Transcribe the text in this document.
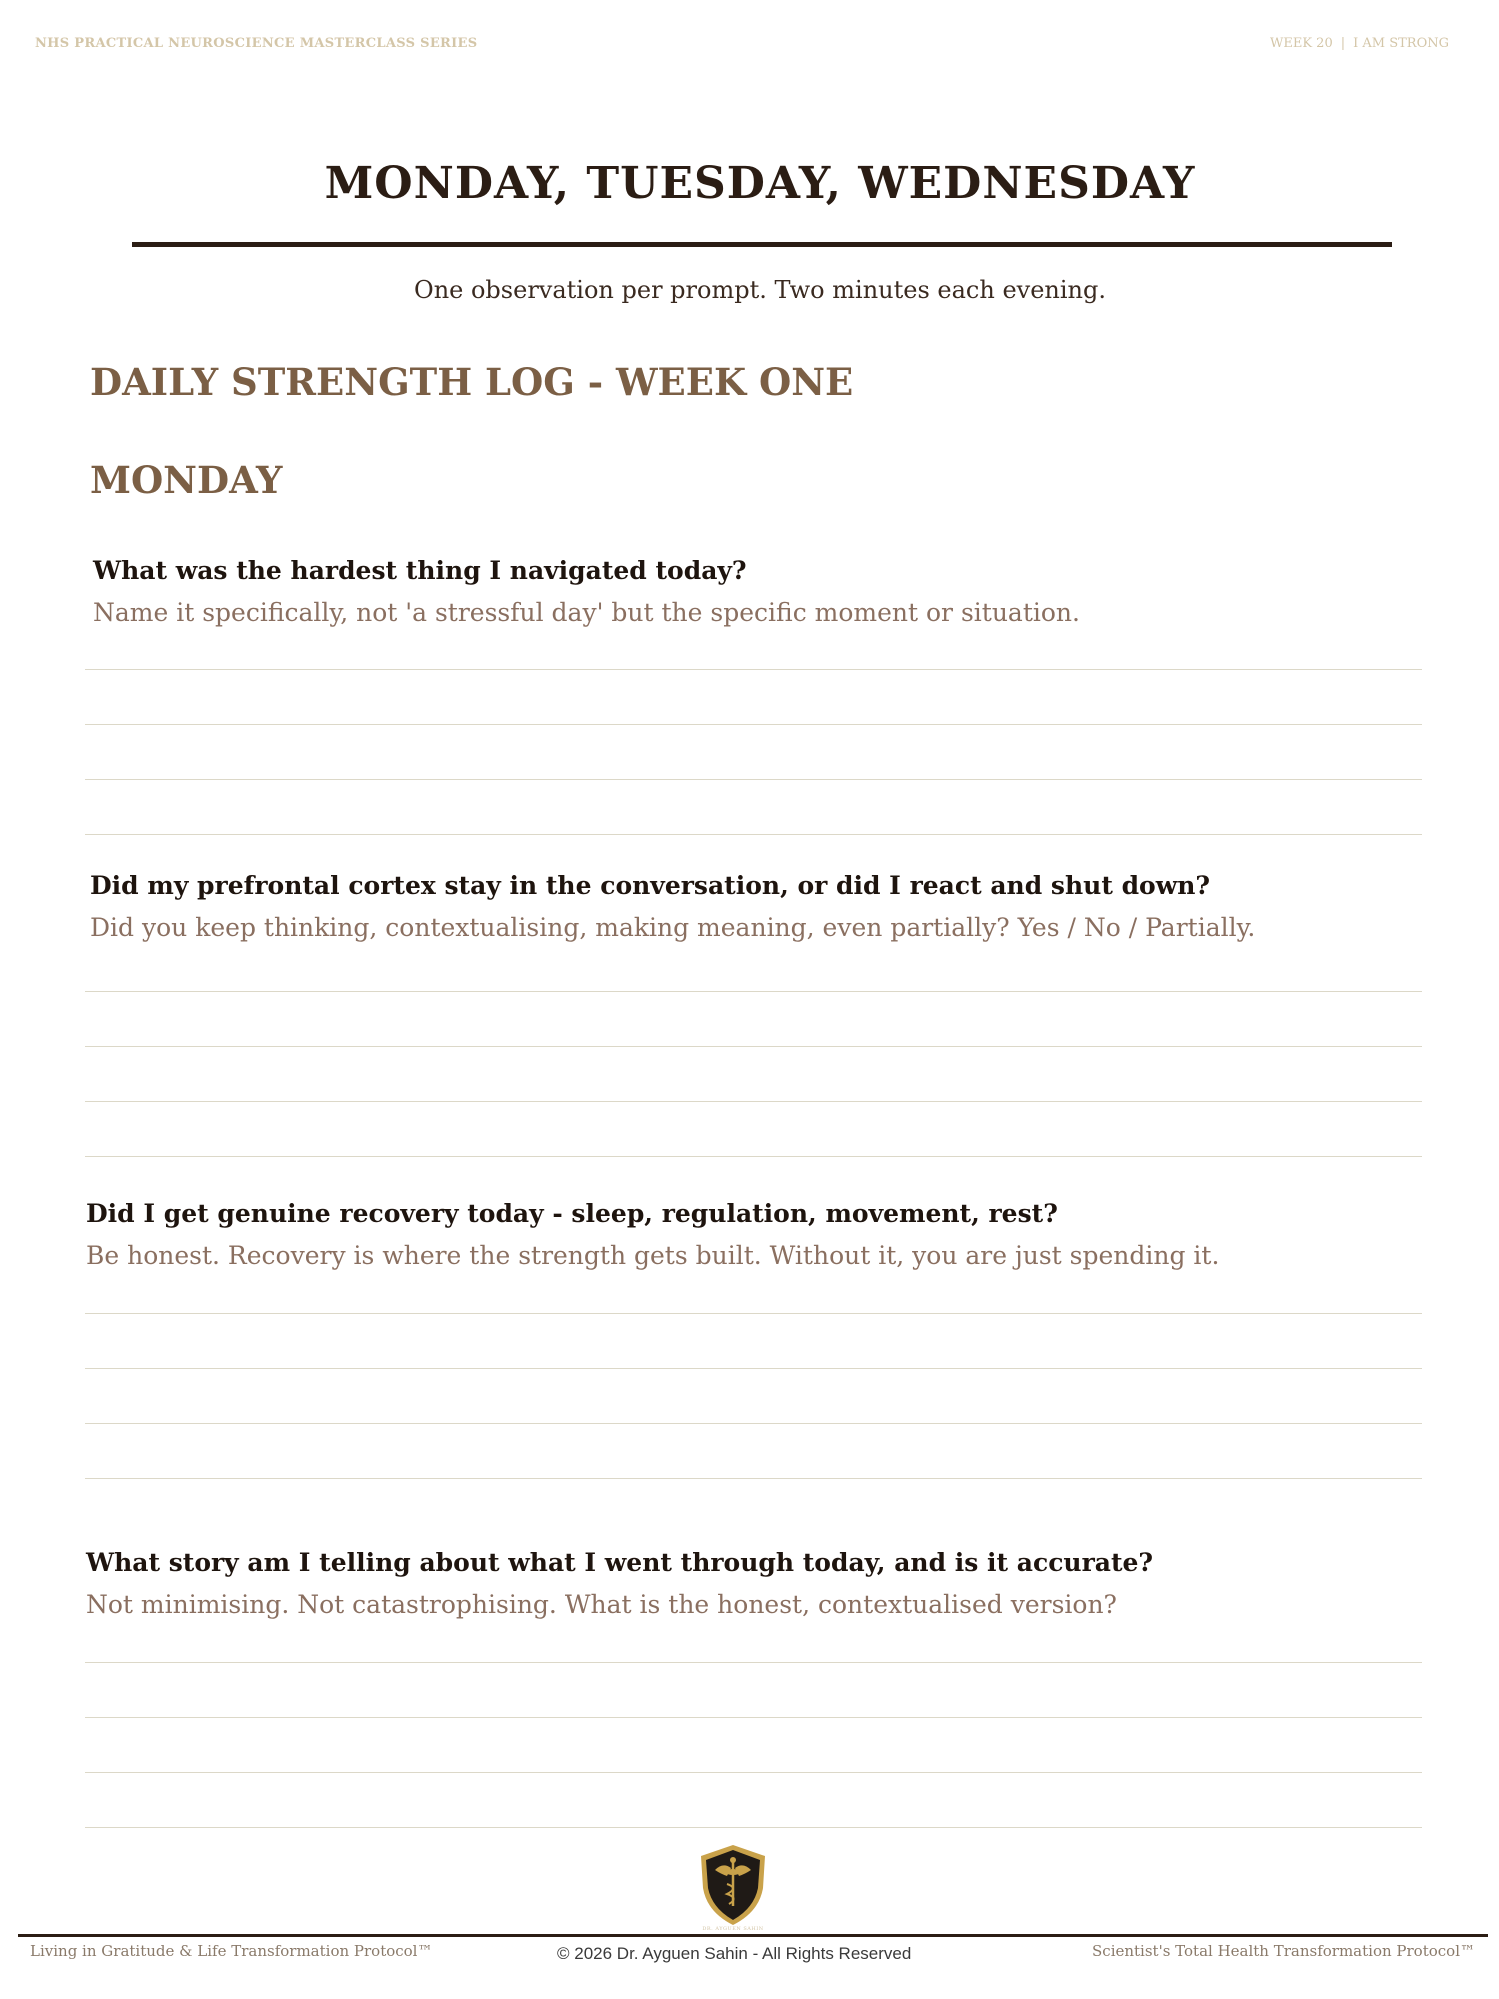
NHS PRACTICAL NEUROSCIENCE MASTERCLASS SERIES	WEEK 20 | I AM STRONG
MONDAY, TUESDAY, WEDNESDAY
One observation per prompt. Two minutes each evening.
DAILY STRENGTH LOG - WEEK ONE
MONDAY
What was the hardest thing I navigated today?
Name it specifically, not 'a stressful day' but the specific moment or situation.
Did my prefrontal cortex stay in the conversation, or did I react and shut down?
Did you keep thinking, contextualising, making meaning, even partially? Yes / No / Partially.
Did I get genuine recovery today - sleep, regulation, movement, rest?
Be honest. Recovery is where the strength gets built. Without it, you are just spending it.
What story am I telling about what I went through today, and is it accurate?
Not minimising. Not catastrophising. What is the honest, contextualised version?
DR. AYGUEN SAHIN
Living in Gratitude & Life Transformation Protocol™	© 2026 Dr. Ayguen Sahin - All Rights Reserved	Scientist's Total Health Transformation Protocol™
